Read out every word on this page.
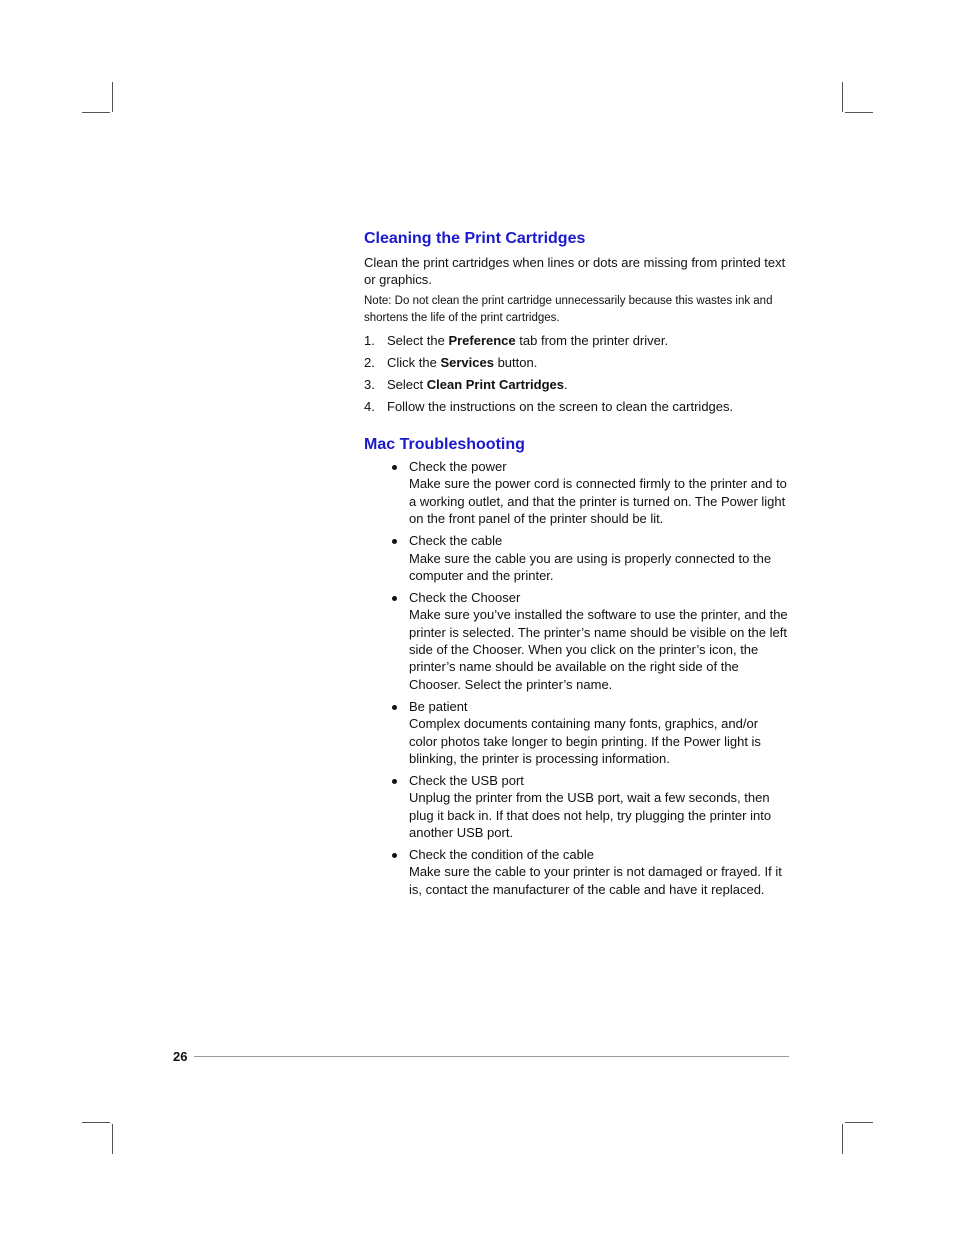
Cleaning the Print Cartridges

Clean the print cartridges when lines or dots are missing from printed text or graphics.

Note: Do not clean the print cartridge unnecessarily because this wastes ink and shortens the life of the print cartridges.

1. Select the Preference tab from the printer driver.
2. Click the Services button.
3. Select Clean Print Cartridges.
4. Follow the instructions on the screen to clean the cartridges.
Mac Troubleshooting
Check the power
Make sure the power cord is connected firmly to the printer and to a working outlet, and that the printer is turned on. The Power light on the front panel of the printer should be lit.
Check the cable
Make sure the cable you are using is properly connected to the computer and the printer.
Check the Chooser
Make sure you’ve installed the software to use the printer, and the printer is selected. The printer’s name should be visible on the left side of the Chooser. When you click on the printer’s icon, the printer’s name should be available on the right side of the Chooser. Select the printer’s name.
Be patient
Complex documents containing many fonts, graphics, and/or color photos take longer to begin printing. If the Power light is blinking, the printer is processing information.
Check the USB port
Unplug the printer from the USB port, wait a few seconds, then plug it back in. If that does not help, try plugging the printer into another USB port.
Check the condition of the cable
Make sure the cable to your printer is not damaged or frayed. If it is, contact the manufacturer of the cable and have it replaced.
26
